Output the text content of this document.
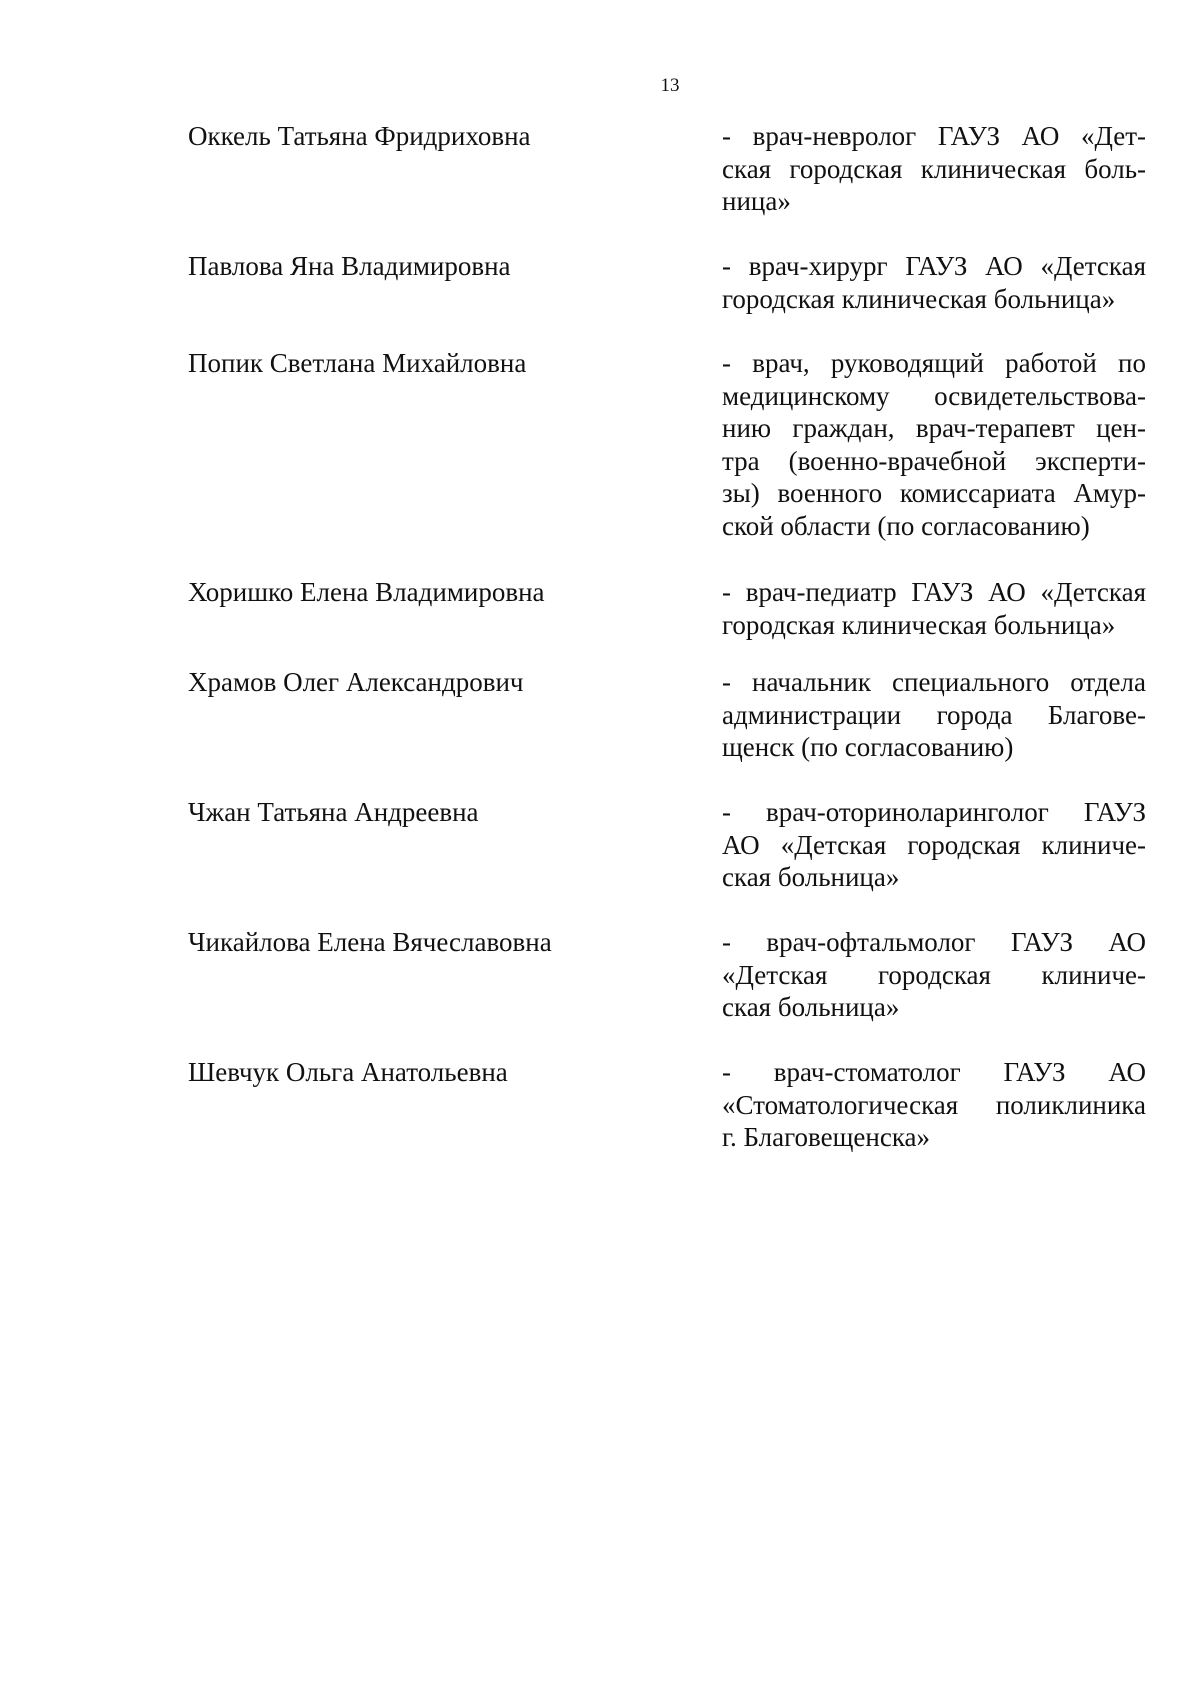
13
Оккель Татьяна Фридриховна	- врач-невролог ГАУЗ АО «Дет-
ская городская клиническая боль-
ница»
Павлова Яна Владимировна	- врач-хирург ГАУЗ АО «Детская
городская клиническая больница»
Попик Светлана Михайловна	- врач, руководящий работой по
медицинскому освидетельствова-
нию граждан, врач-терапевт цен-
тра (военно-врачебной эксперти-
зы) военного комиссариата Амур-
ской области (по согласованию)
Хоришко Елена Владимировна	- врач-педиатр ГАУЗ АО «Детская
городская клиническая больница»
Храмов Олег Александрович	- начальник специального отдела
администрации города Благове-
щенск (по согласованию)
Чжан Татьяна Андреевна	- врач-оториноларинголог ГАУЗ
АО «Детская городская клиниче-
ская больница»
Чикайлова Елена Вячеславовна	- врач-офтальмолог ГАУЗ АО
«Детская городская клиниче-
ская больница»
Шевчук Ольга Анатольевна	- врач-стоматолог ГАУЗ АО
«Стоматологическая поликлиника
г. Благовещенска»
